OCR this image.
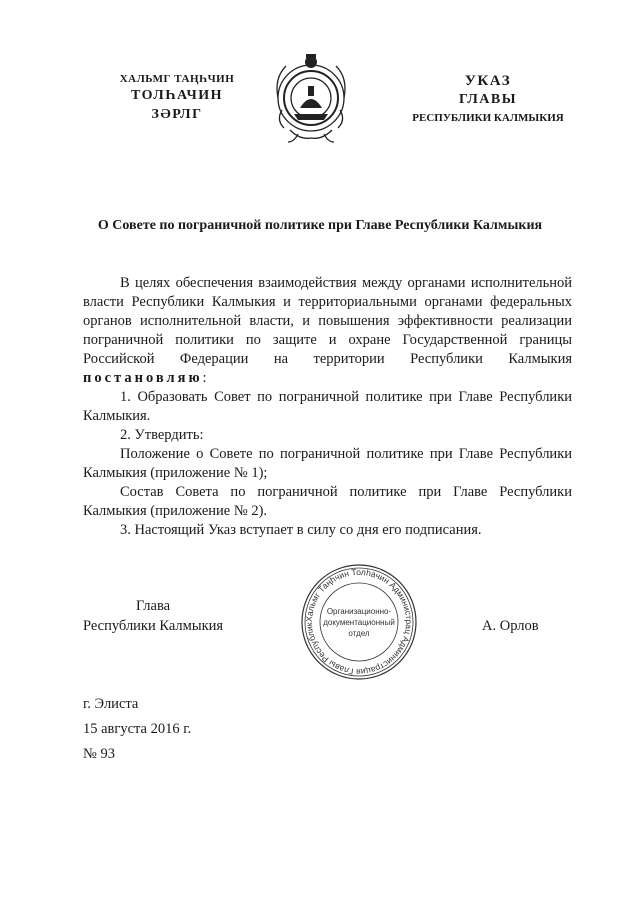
ХАЛЬМГ ТАҢҺЧИН
ТОЛҺАЧИН
ЗӘРЛГ
УКАЗ
ГЛАВЫ
РЕСПУБЛИКИ КАЛМЫКИЯ
О Совете по пограничной политике при Главе Республики Калмыкия

В целях обеспечения взаимодействия между органами исполнительной власти Республики Калмыкия и территориальными органами федеральных органов исполнительной власти, и повышения эффективности реализации пограничной политики по защите и охране Государственной границы Российской Федерации на территории Республики Калмыкия постановляю:

1. Образовать Совет по пограничной политике при Главе Республики Калмыкия.

2. Утвердить:

Положение о Совете по пограничной политике при Главе Республики Калмыкия (приложение № 1);

Состав Совета по пограничной политике при Главе Республики Калмыкия (приложение № 2).

3. Настоящий Указ вступает в силу со дня его подписания.

Глава
Республики Калмыкия	А. Орлов
Хальмг Таңһчин Толһачин Администрац Администрация Главы Республик
Организационно-
документационный
отдел
г. Элиста
15 августа 2016 г.
№ 93
